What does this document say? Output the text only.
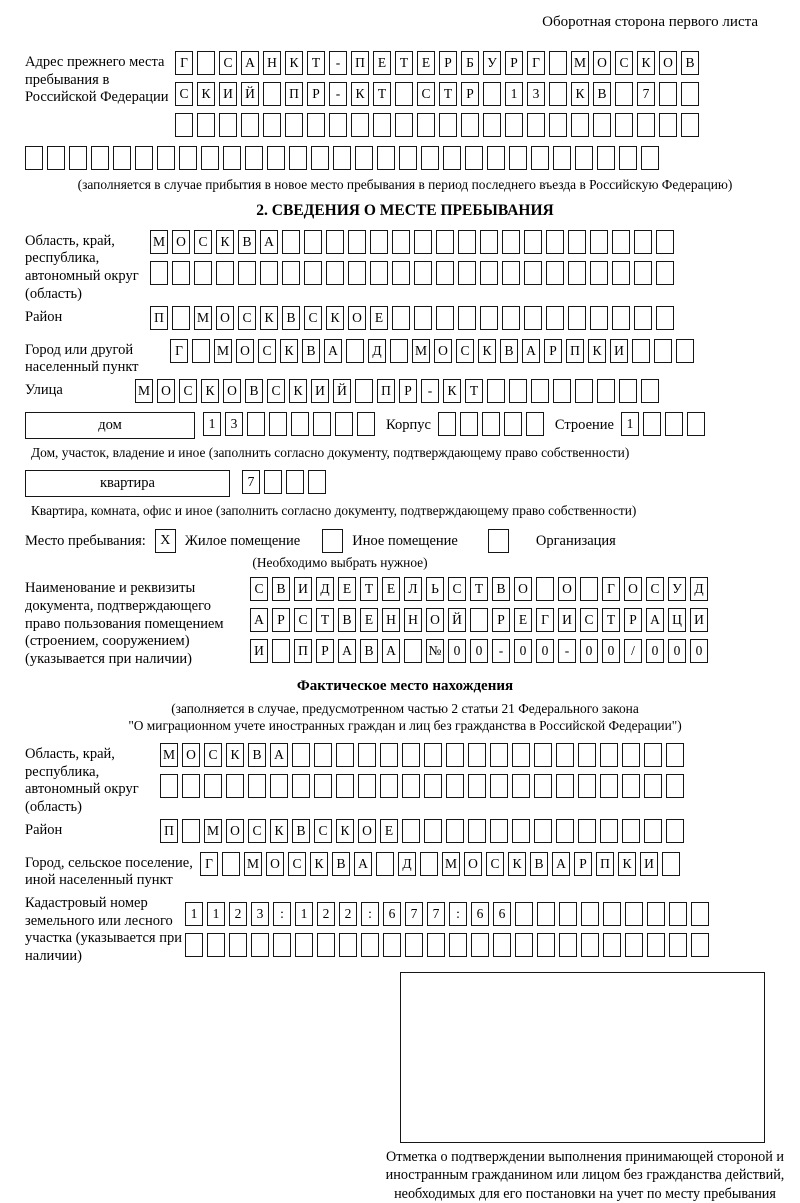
Оборотная сторона первого листа
Адрес прежнего места пребывания в Российской Федерации
Г	С А Н К Т - П Е Т Е Р Б У Р Г	М О С К О В
С К И Й	П Р - К Т	С Т Р	1 3	К В	7
(заполняется в случае прибытия в новое место пребывания в период последнего въезда в Российскую Федерацию)
2. СВЕДЕНИЯ О МЕСТЕ ПРЕБЫВАНИЯ
Область, край, республика, автономный округ (область)
М О С К В А
Район	П М О С К В С К О Е
Город или другой населенный пункт
Г	М О С К В А	Д М О С К В А Р П К И
Улица	М О С К О В С К И Й	П Р - К Т
дом	1 3	Корпус	Строение 1
Дом, участок, владение и иное (заполнить согласно документу, подтверждающему право собственности)
квартира	7
Квартира, комната, офис и иное (заполнить согласно документу, подтверждающему право собственности)
Место пребывания:	X Жилое помещение	Иное помещение	Организация
(Необходимо выбрать нужное)
Наименование и реквизиты документа, подтверждающего право пользования помещением (строением, сооружением) (указывается при наличии)
С В И Д Е Т Е Л Ь С Т В О	О	Г О С У Д
А Р С Т В Е Н Н О Й	Р Е Г И С Т Р А Ц И
И	П Р А В А № 0 0 - 0 0 - 0 0 / 0 0 0
Фактическое место нахождения
(заполняется в случае, предусмотренном частью 2 статьи 21 Федерального закона
"О миграционном учете иностранных граждан и лиц без гражданства в Российской Федерации")
Область, край, республика, автономный округ (область)
М О С К В А
Район	П М О С К В С К О Е
Город, сельское поселение, иной населенный пункт
Г	М О С К В А	Д М О С К В А Р П К И
Кадастровый номер земельного или лесного участка (указывается при наличии)
1 1 2 3 : 1 2 2 : 6 7 7 : 6 6
Отметка о подтверждении выполнения принимающей стороной и иностранным гражданином или лицом без гражданства действий, необходимых для его постановки на учет по месту пребывания
